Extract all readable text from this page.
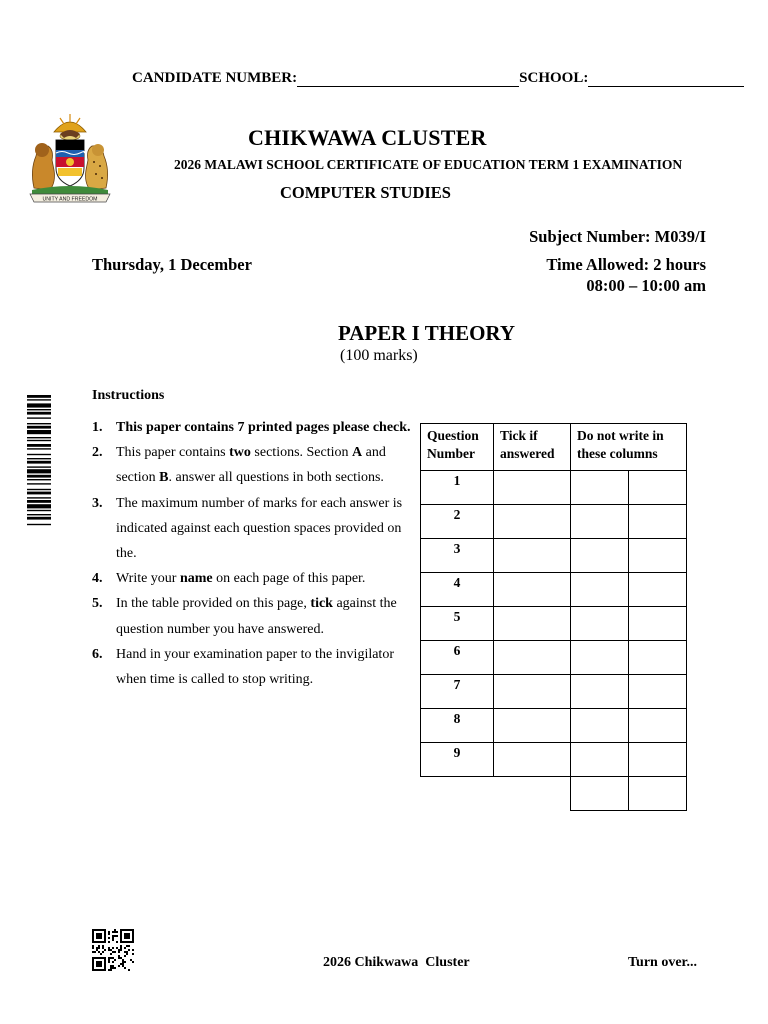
CANDIDATE NUMBER:	SCHOOL:
UNITY AND FREEDOM
CHIKWAWA CLUSTER
2026 MALAWI SCHOOL CERTIFICATE OF EDUCATION TERM 1 EXAMINATION
COMPUTER STUDIES
Subject Number: M039/I
Thursday, 1 December	Time Allowed: 2 hours
08:00 – 10:00 am
PAPER I THEORY
(100 marks)
Instructions
1. This paper contains 7 printed pages please check.
2. This paper contains two sections. Section A and section B. answer all questions in both sections.
3. The maximum number of marks for each answer is indicated against each question spaces provided on the.
4. Write your name on each page of this paper.
5. In the table provided on this page, tick against the question number you have answered.
6. Hand in your examination paper to the invigilator when time is called to stop writing.
Question Number	Tick if answered	Do not write in these columns	
1			
2			
3			
4			
5			
6			
7			
8			
9			

2026 Chikwawa  Cluster	Turn over...
